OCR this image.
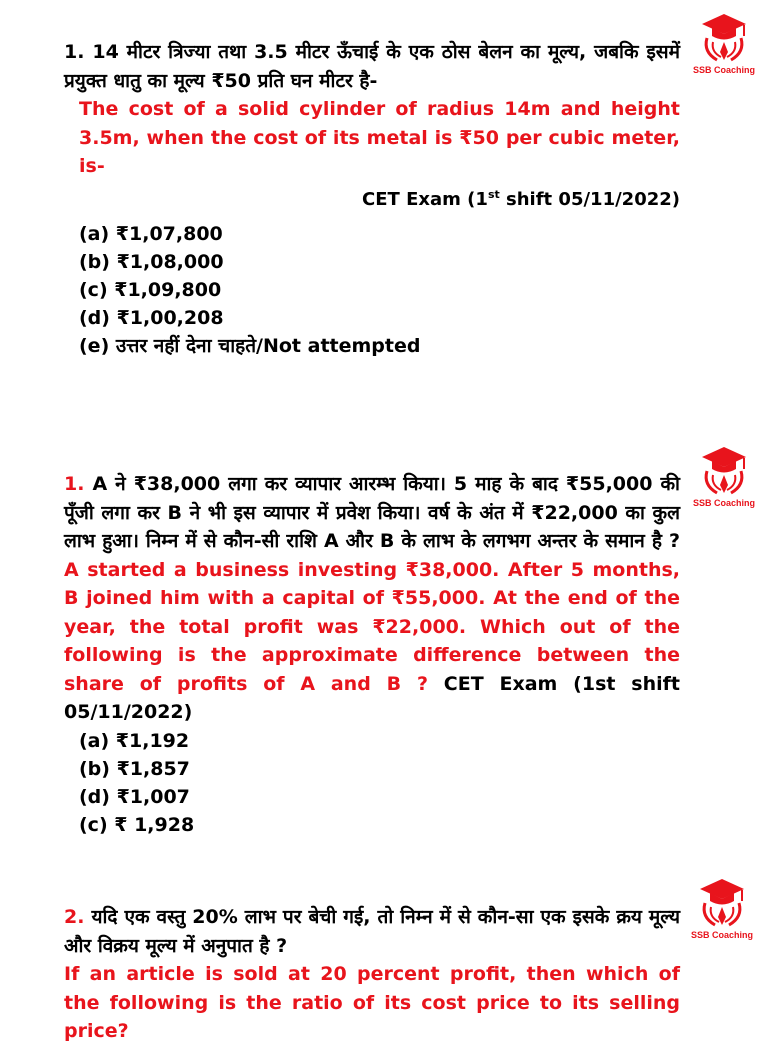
1. 14 मीटर त्रिज्या तथा 3.5 मीटर ऊँचाई के एक ठोस बेलन का मूल्य, जबकि इसमें प्रयुक्त धातु का मूल्य ₹50 प्रति घन मीटर है-

The cost of a solid cylinder of radius 14m and height 3.5m, when the cost of its metal is ₹50 per cubic meter, is-

CET Exam (1st shift 05/11/2022)

(a) ₹1,07,800
(b) ₹1,08,000
(c) ₹1,09,800
(d) ₹1,00,208
(e) उत्तर नहीं देना चाहते/Not attempted

1. A ने ₹38,000 लगा कर व्यापार आरम्भ किया। 5 माह के बाद ₹55,000 की पूँजी लगा कर B ने भी इस व्यापार में प्रवेश किया। वर्ष के अंत में ₹22,000 का कुल लाभ हुआ। निम्न में से कौन-सी राशि A और B के लाभ के लगभग अन्तर के समान है ? A started a business investing ₹38,000. After 5 months, B joined him with a capital of ₹55,000. At the end of the year, the total profit was ₹22,000. Which out of the following is the approximate difference between the share of profits of A and B ? CET Exam (1st shift 05/11/2022)

(a) ₹1,192
(b) ₹1,857
(d) ₹1,007
(c) ₹ 1,928

2. यदि एक वस्तु 20% लाभ पर बेची गई, तो निम्न में से कौन-सा एक इसके क्रय मूल्य और विक्रय मूल्य में अनुपात है ?

If an article is sold at 20 percent profit, then which of the following is the ratio of its cost price to its selling price?

SSB Coaching
SSB Coaching
SSB Coaching
